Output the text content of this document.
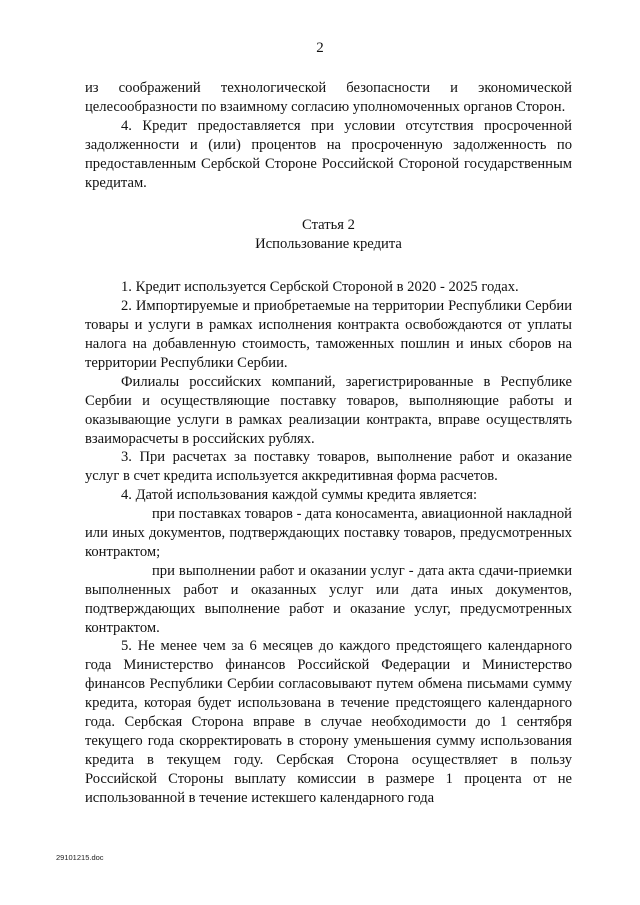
2

из соображений технологической безопасности и экономической целесообразности по взаимному согласию уполномоченных органов Сторон.

4. Кредит предоставляется при условии отсутствия просроченной задолженности и (или) процентов на просроченную задолженность по предоставленным Сербской Стороне Российской Стороной государственным кредитам.

Статья 2

Использование кредита

1. Кредит используется Сербской Стороной в 2020 - 2025 годах.

2. Импортируемые и приобретаемые на территории Республики Сербии товары и услуги в рамках исполнения контракта освобождаются от уплаты налога на добавленную стоимость, таможенных пошлин и иных сборов на территории Республики Сербии.

Филиалы российских компаний, зарегистрированные в Республике Сербии и осуществляющие поставку товаров, выполняющие работы и оказывающие услуги в рамках реализации контракта, вправе осуществлять взаиморасчеты в российских рублях.

3. При расчетах за поставку товаров, выполнение работ и оказание услуг в счет кредита используется аккредитивная форма расчетов.

4. Датой использования каждой суммы кредита является:

при поставках товаров - дата коносамента, авиационной накладной или иных документов, подтверждающих поставку товаров, предусмотренных контрактом;

при выполнении работ и оказании услуг - дата акта сдачи-приемки выполненных работ и оказанных услуг или дата иных документов, подтверждающих выполнение работ и оказание услуг, предусмотренных контрактом.

5. Не менее чем за 6 месяцев до каждого предстоящего календарного года Министерство финансов Российской Федерации и Министерство финансов Республики Сербии согласовывают путем обмена письмами сумму кредита, которая будет использована в течение предстоящего календарного года. Сербская Сторона вправе в случае необходимости до 1 сентября текущего года скорректировать в сторону уменьшения сумму использования кредита в текущем году. Сербская Сторона осуществляет в пользу Российской Стороны выплату комиссии в размере 1 процента от не использованной в течение истекшего календарного года

29101215.doc
